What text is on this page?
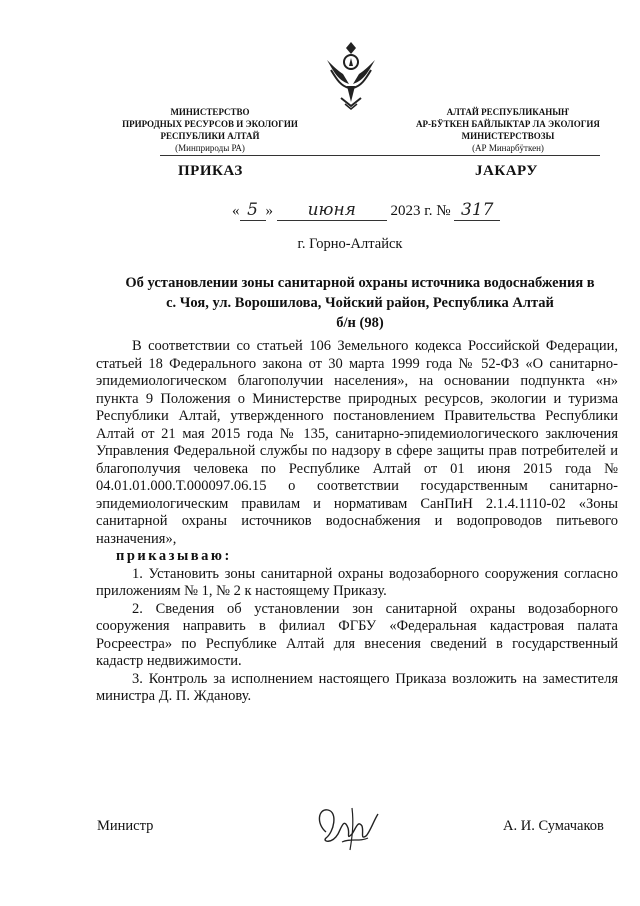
МИНИСТЕРСТВО
ПРИРОДНЫХ РЕСУРСОВ И ЭКОЛОГИИ
РЕСПУБЛИКИ АЛТАЙ
(Минприроды РА)
АЛТАЙ РЕСПУБЛИКАНЫҤ
АР-БӰТКЕН БАЙЛЫКТАР ЛА ЭКОЛОГИЯ
МИНИСТЕРСТВОЗЫ
(АР Минарбӱткен)
ПРИКАЗ	JАКАРУ
« 5 » июня 2023 г. № 317
г. Горно-Алтайск
Об установлении зоны санитарной охраны источника водоснабжения в
с. Чоя, ул. Ворошилова, Чойский район, Республика Алтай
б/н (98)

В соответствии со статьей 106 Земельного кодекса Российской Федерации, статьей 18 Федерального закона от 30 марта 1999 года № 52-ФЗ «О санитарно-эпидемиологическом благополучии населения», на основании подпункта «н» пункта 9 Положения о Министерстве природных ресурсов, экологии и туризма Республики Алтай, утвержденного постановлением Правительства Республики Алтай от 21 мая 2015 года № 135, санитарно-эпидемиологического заключения Управления Федеральной службы по надзору в сфере защиты прав потребителей и благополучия человека по Республике Алтай от 01 июня 2015 года № 04.01.01.000.Т.000097.06.15 о соответствии государственным санитарно-эпидемиологическим правилам и нормативам СанПиН 2.1.4.1110-02 «Зоны санитарной охраны источников водоснабжения и водопроводов питьевого назначения»,

приказываю:

1. Установить зоны санитарной охраны водозаборного сооружения согласно приложениям № 1, № 2 к настоящему Приказу.

2. Сведения об установлении зон санитарной охраны водозаборного сооружения направить в филиал ФГБУ «Федеральная кадастровая палата Росреестра» по Республике Алтай для внесения сведений в государственный кадастр недвижимости.

3. Контроль за исполнением настоящего Приказа возложить на заместителя министра Д. П. Жданову.

Министр	А. И. Сумачаков
